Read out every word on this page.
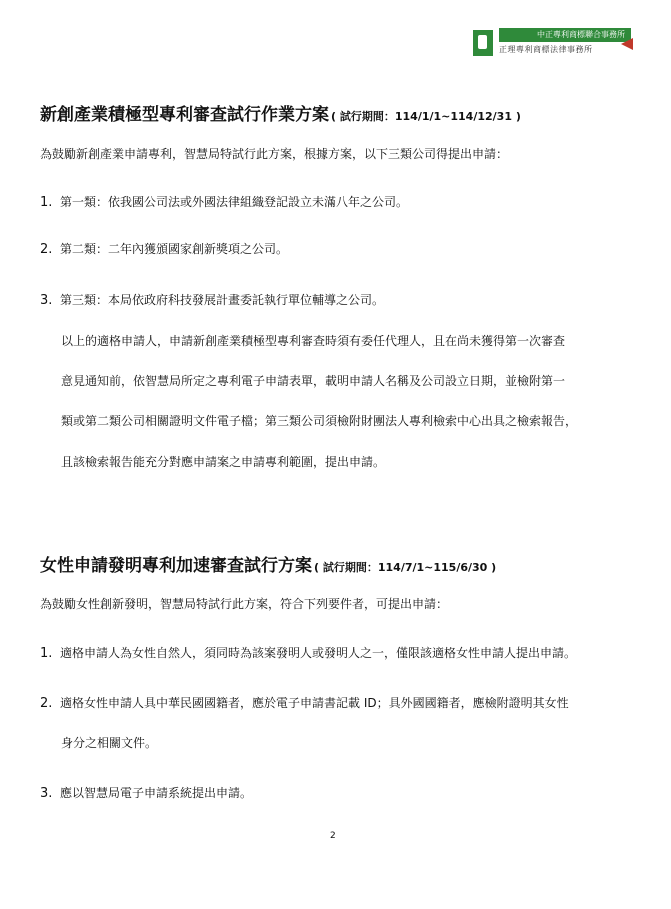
中正專利商標聯合事務所
正理專利商標法律事務所
新創產業積極型專利審查試行作業方案 ( 試行期間：114/1/1~114/12/31 )
為鼓勵新創產業申請專利，智慧局特試行此方案，根據方案，以下三類公司得提出申請：
1. 第一類：依我國公司法或外國法律組織登記設立未滿八年之公司。
2. 第二類：二年內獲頒國家創新獎項之公司。
3. 第三類：本局依政府科技發展計畫委託執行單位輔導之公司。
以上的適格申請人，申請新創產業積極型專利審查時須有委任代理人，且在尚未獲得第一次審查
意見通知前，依智慧局所定之專利電子申請表單，載明申請人名稱及公司設立日期，並檢附第一
類或第二類公司相關證明文件電子檔；第三類公司須檢附財團法人專利檢索中心出具之檢索報告，
且該檢索報告能充分對應申請案之申請專利範圍，提出申請。
女性申請發明專利加速審查試行方案 ( 試行期間：114/7/1~115/6/30 )
為鼓勵女性創新發明，智慧局特試行此方案，符合下列要件者，可提出申請：
1. 適格申請人為女性自然人，須同時為該案發明人或發明人之一，僅限該適格女性申請人提出申請。
2. 適格女性申請人具中華民國國籍者，應於電子申請書記載 ID；具外國國籍者，應檢附證明其女性
身分之相關文件。
3. 應以智慧局電子申請系統提出申請。
2
